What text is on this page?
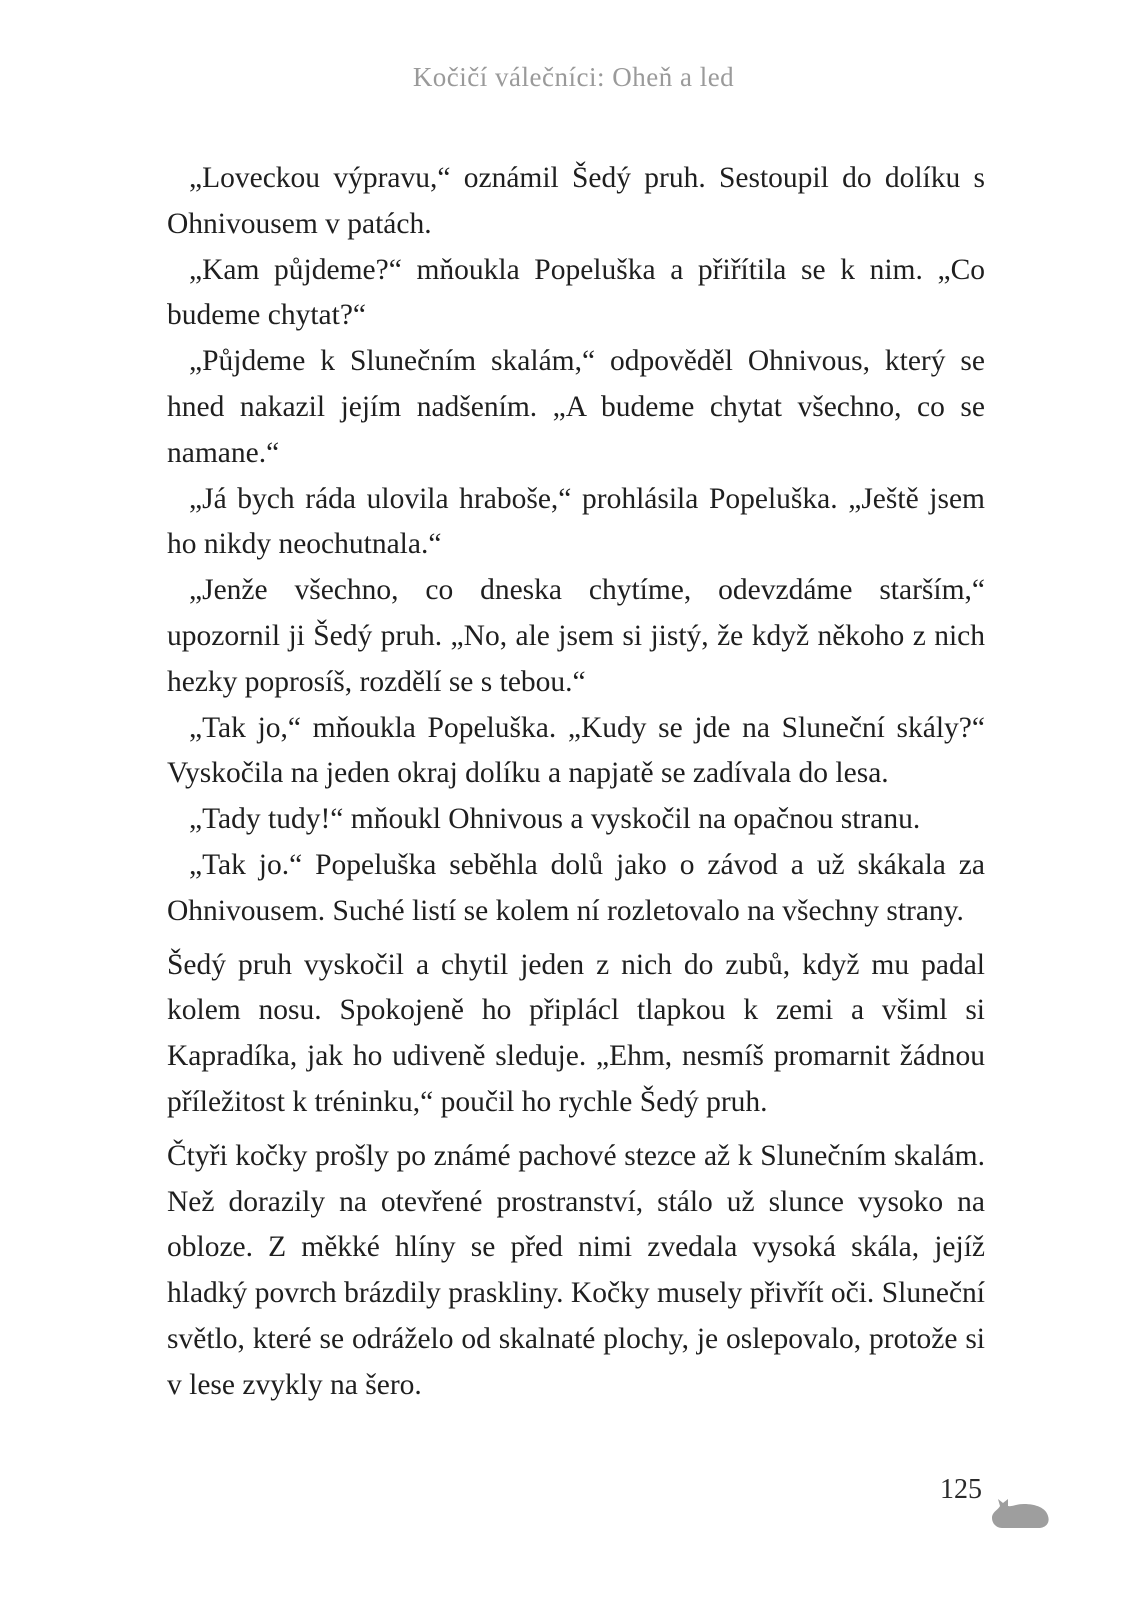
Kočičí válečníci: Oheň a led

„Loveckou výpravu,“ oznámil Šedý pruh. Sestoupil do dolíku s Ohnivousem v patách.

„Kam půjdeme?“ mňoukla Popeluška a přiřítila se k nim. „Co budeme chytat?“

„Půjdeme k Slunečním skalám,“ odpověděl Ohnivous, který se hned nakazil jejím nadšením. „A budeme chytat všechno, co se namane.“

„Já bych ráda ulovila hraboše,“ prohlásila Popeluška. „Ještě jsem ho nikdy neochutnala.“

„Jenže všechno, co dneska chytíme, odevzdáme starším,“ upozornil ji Šedý pruh. „No, ale jsem si jistý, že když někoho z nich hezky poprosíš, rozdělí se s tebou.“

„Tak jo,“ mňoukla Popeluška. „Kudy se jde na Sluneční skály?“ Vyskočila na jeden okraj dolíku a napjatě se zadívala do lesa.

„Tady tudy!“ mňoukl Ohnivous a vyskočil na opačnou stranu.

„Tak jo.“ Popeluška seběhla dolů jako o závod a už skákala za Ohnivousem. Suché listí se kolem ní rozletovalo na všechny strany.

Šedý pruh vyskočil a chytil jeden z nich do zubů, když mu padal kolem nosu. Spokojeně ho připlácl tlapkou k zemi a všiml si Kapradíka, jak ho udiveně sleduje. „Ehm, nesmíš promarnit žádnou příležitost k tréninku,“ poučil ho rychle Šedý pruh.

Čtyři kočky prošly po známé pachové stezce až k Slunečním skalám. Než dorazily na otevřené prostranství, stálo už slunce vysoko na obloze. Z měkké hlíny se před nimi zvedala vysoká skála, jejíž hladký povrch brázdily praskliny. Kočky musely přivřít oči. Sluneční světlo, které se odráželo od skalnaté plochy, je oslepovalo, protože si v lese zvykly na šero.

125
